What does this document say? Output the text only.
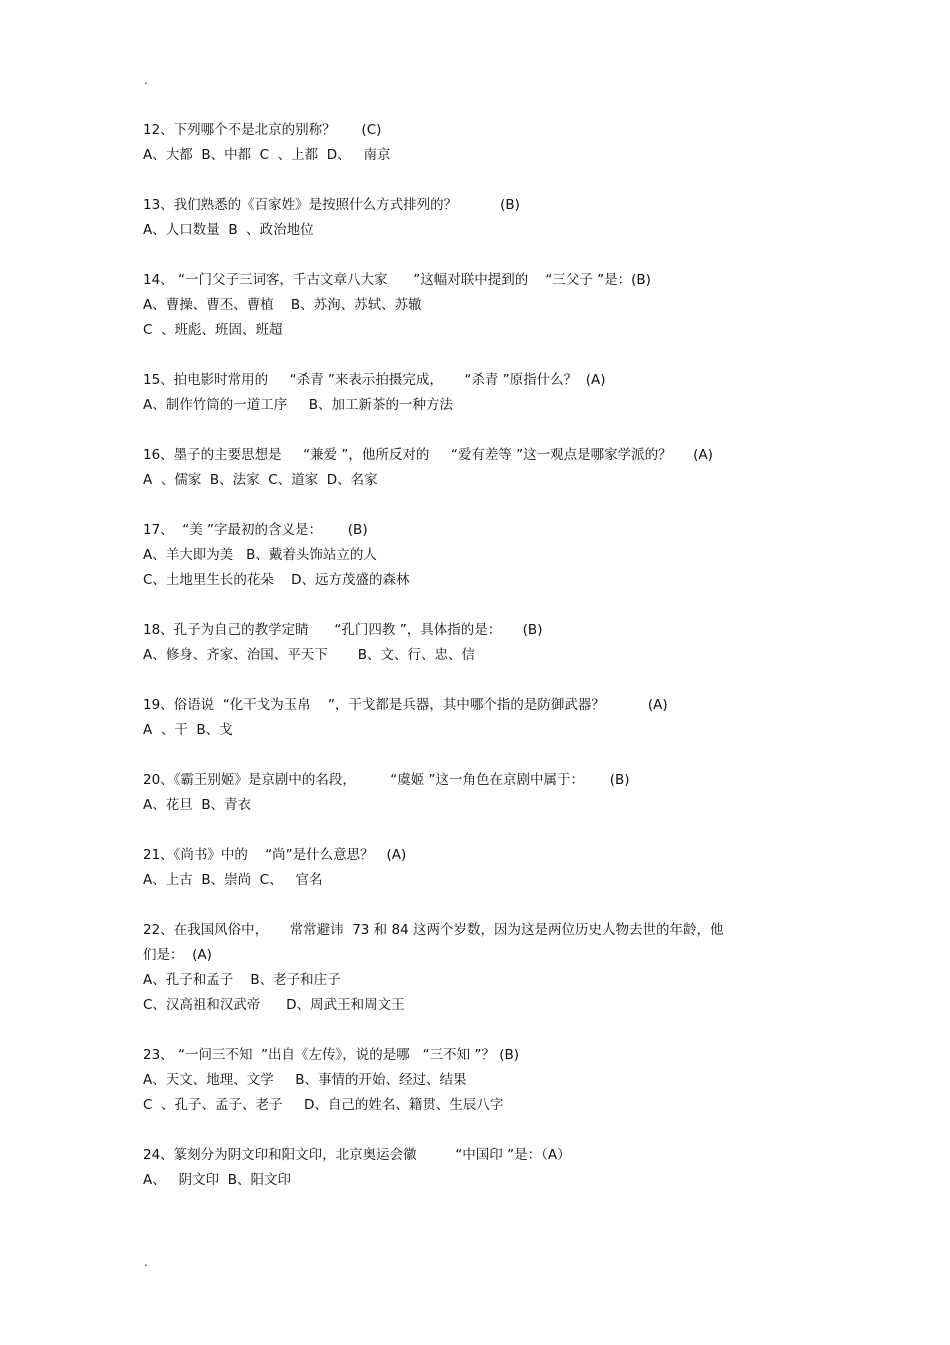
.
12、下列哪个不是北京的别称？      (C)
A、大都  B、中都  C  、上都  D、   南京
13、我们熟悉的《百家姓》是按照什么方式排列的？          (B)
A、人口数量  B  、政治地位
14、 “一门父子三词客，千古文章八大家      ”这幅对联中提到的    “三父子 ”是：(B)
A、曹操、曹丕、曹植    B、苏洵、苏轼、苏辙
C  、班彪、班固、班超
15、拍电影时常用的     “杀青 ”来表示拍摄完成，     “杀青 ”原指什么？  (A)
A、制作竹筒的一道工序     B、加工新茶的一种方法
16、墨子的主要思想是     “兼爱 ”，他所反对的     “爱有差等 ”这一观点是哪家学派的？     (A)
A  、儒家  B、法家  C、道家  D、名家
17、  “美 ”字最初的含义是：      (B)
A、羊大即为美   B、戴着头饰站立的人
C、土地里生长的花朵    D、远方茂盛的森林
18、孔子为自己的教学定睛      “孔门四教 ”，具体指的是：     (B)
A、修身、齐家、治国、平天下       B、文、行、忠、信
19、俗语说  “化干戈为玉帛    ”，干戈都是兵器，其中哪个指的是防御武器？          (A)
A  、干  B、戈
20、《霸王别姬》是京剧中的名段，        “虞姬 ”这一角色在京剧中属于：      (B)
A、花旦  B、青衣
21、《尚书》中的    “尚”是什么意思？   (A)
A、上古  B、崇尚  C、   官名
22、在我国风俗中，     常常避讳  73 和 84 这两个岁数，因为这是两位历史人物去世的年龄，他
们是：  (A)
A、孔子和孟子    B、老子和庄子
C、汉高祖和汉武帝      D、周武王和周文王
23、 “一问三不知  ”出自《左传》，说的是哪   “三不知 ”？ (B)
A、天文、地理、文学     B、事情的开始、经过、结果
C  、孔子、孟子、老子     D、自己的姓名、籍贯、生辰八字
24、篆刻分为阴文印和阳文印，北京奥运会徽         “中国印 ”是：（A）
A、   阴文印  B、阳文印
.
